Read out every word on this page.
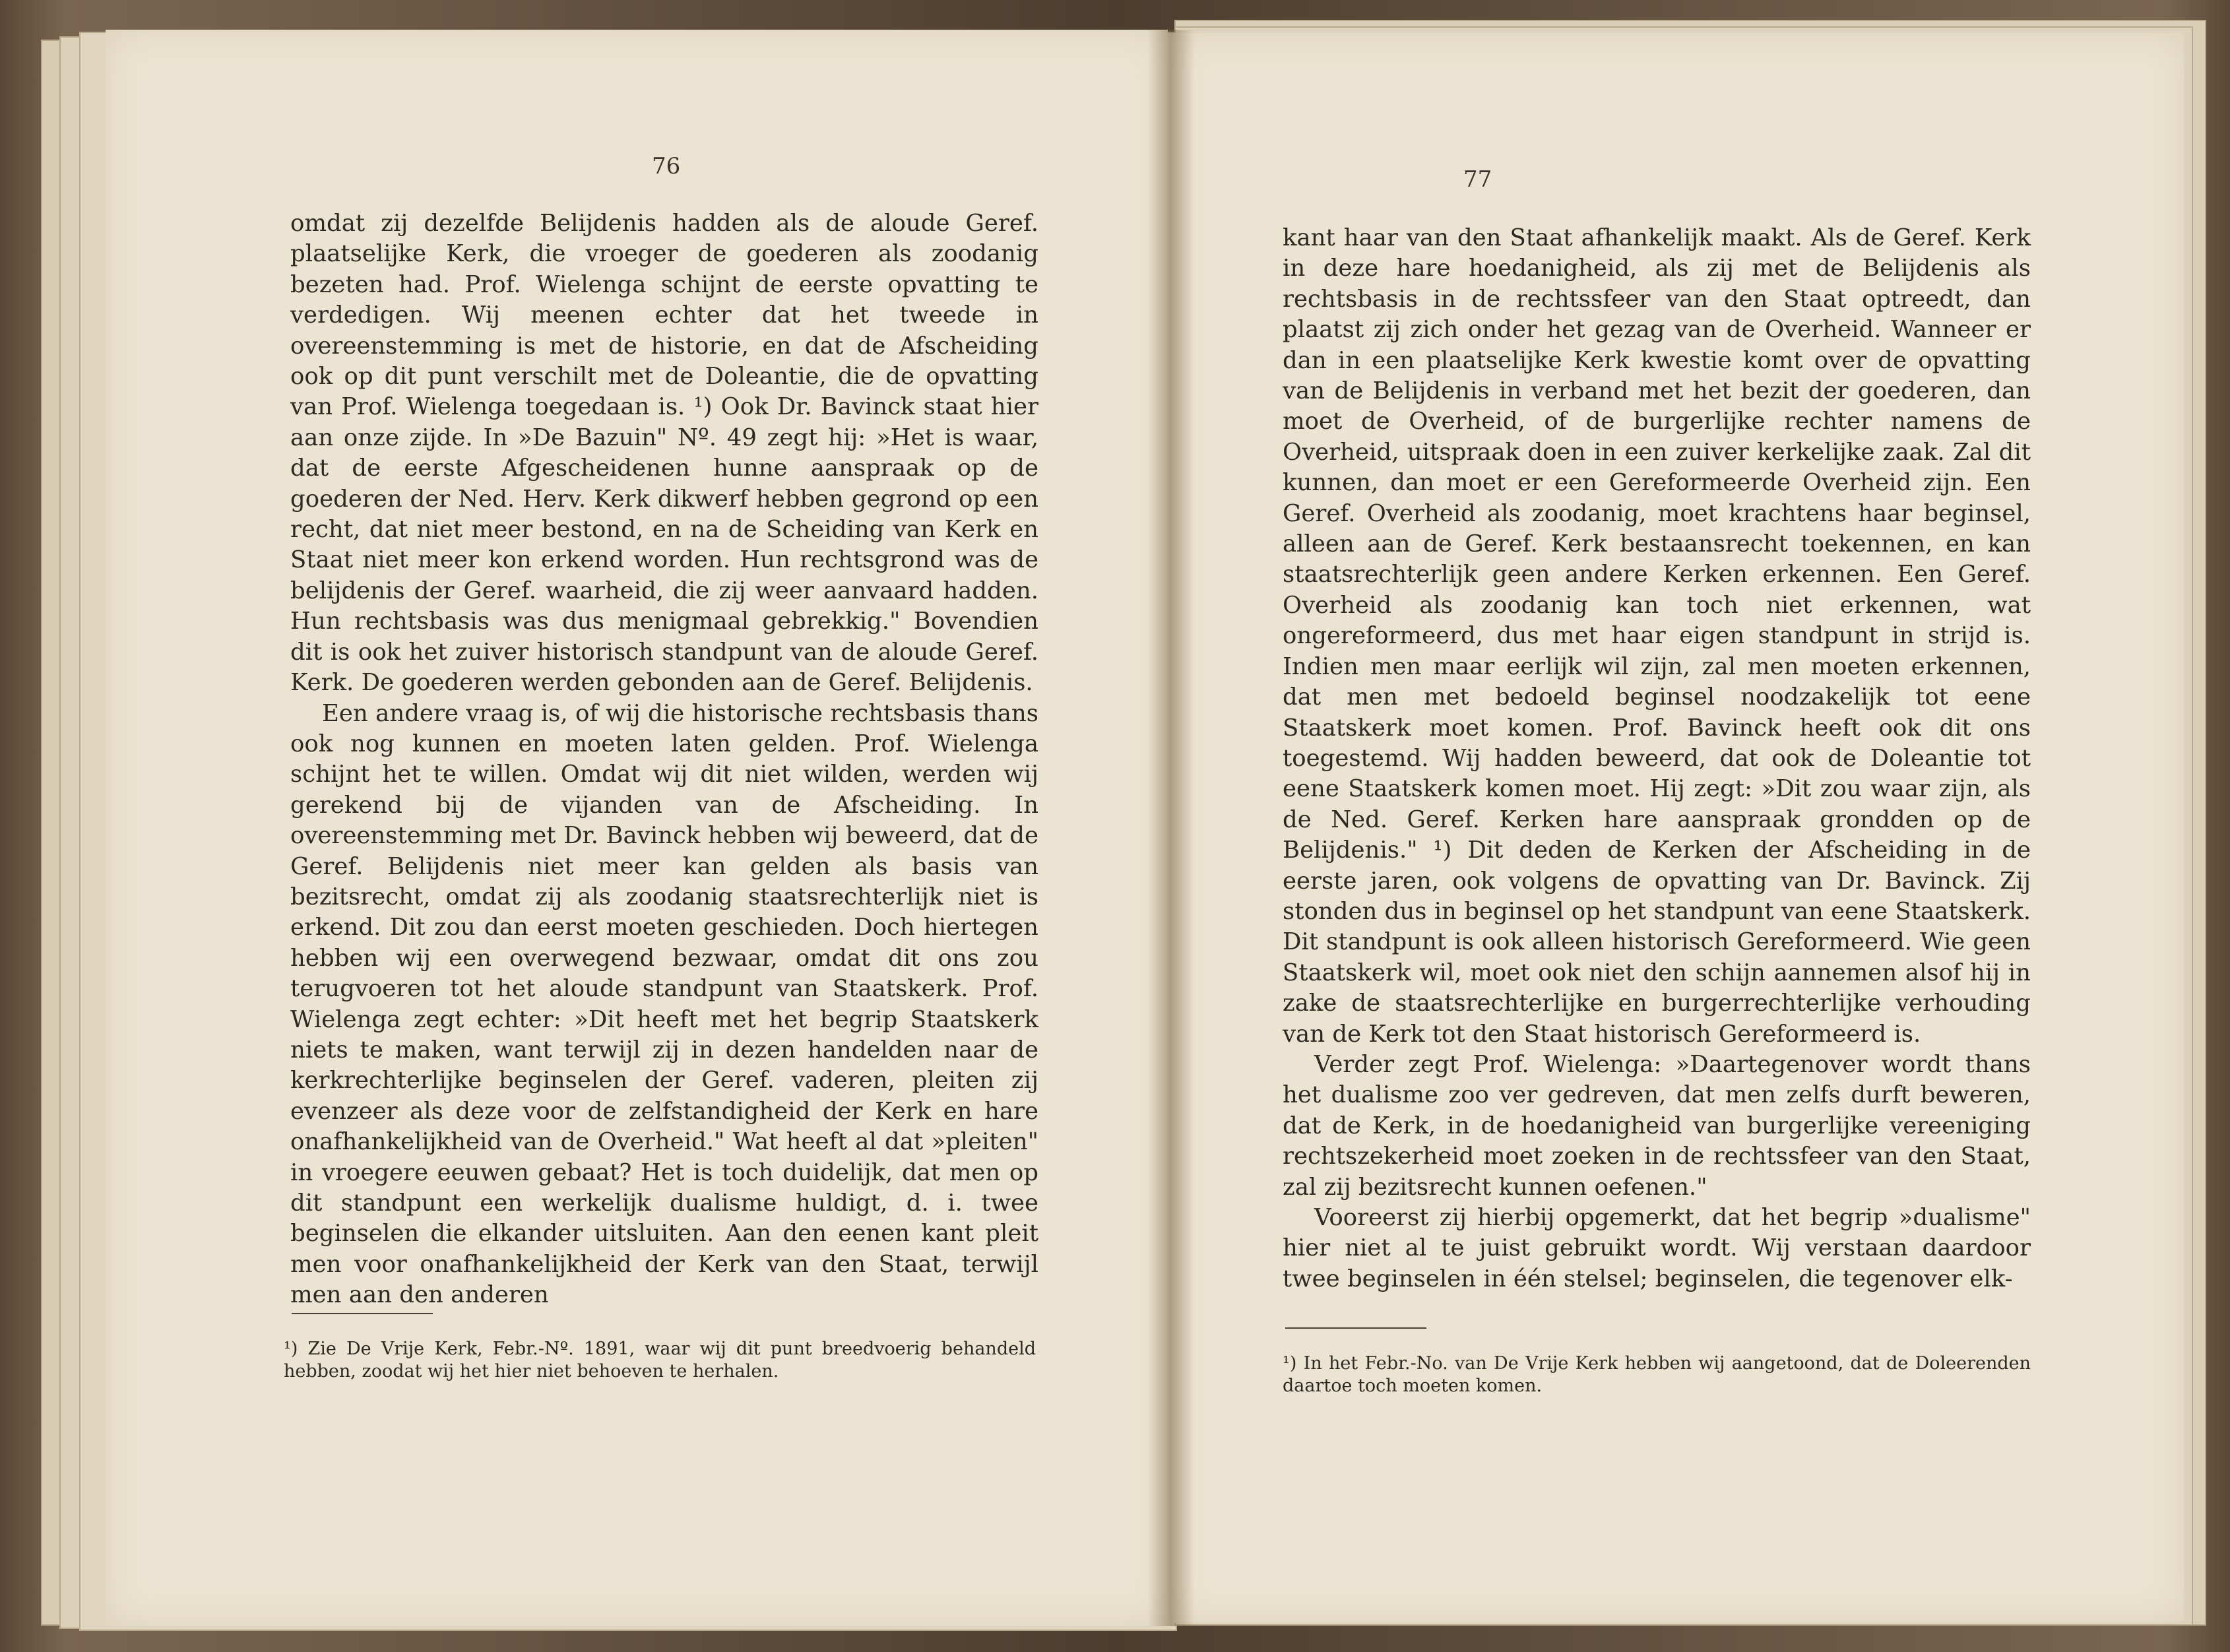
76

omdat zij dezelfde Belijdenis hadden als de aloude Geref. plaatselijke Kerk, die vroeger de goederen als zoodanig bezeten had. Prof. Wielenga schijnt de eerste opvatting te verdedigen. Wij meenen echter dat het tweede in overeenstemming is met de historie, en dat de Afscheiding ook op dit punt verschilt met de Doleantie, die de opvatting van Prof. Wielenga toegedaan is. ¹) Ook Dr. Bavinck staat hier aan onze zijde. In »De Bazuin" Nº. 49 zegt hij: »Het is waar, dat de eerste Afgescheidenen hunne aanspraak op de goederen der Ned. Herv. Kerk dikwerf hebben gegrond op een recht, dat niet meer bestond, en na de Scheiding van Kerk en Staat niet meer kon erkend worden. Hun rechtsgrond was de belijdenis der Geref. waarheid, die zij weer aanvaard hadden. Hun rechtsbasis was dus menigmaal gebrekkig." Bovendien dit is ook het zuiver historisch standpunt van de aloude Geref. Kerk. De goederen werden gebonden aan de Geref. Belijdenis.

Een andere vraag is, of wij die historische rechtsbasis thans ook nog kunnen en moeten laten gelden. Prof. Wielenga schijnt het te willen. Omdat wij dit niet wilden, werden wij gerekend bij de vijanden van de Afscheiding. In overeenstemming met Dr. Bavinck hebben wij beweerd, dat de Geref. Belijdenis niet meer kan gelden als basis van bezitsrecht, omdat zij als zoodanig staatsrechterlijk niet is erkend. Dit zou dan eerst moeten geschieden. Doch hiertegen hebben wij een overwegend bezwaar, omdat dit ons zou terugvoeren tot het aloude standpunt van Staatskerk. Prof. Wielenga zegt echter: »Dit heeft met het begrip Staatskerk niets te maken, want terwijl zij in dezen handelden naar de kerkrechterlijke beginselen der Geref. vaderen, pleiten zij evenzeer als deze voor de zelfstandigheid der Kerk en hare onafhankelijkheid van de Overheid." Wat heeft al dat »pleiten" in vroegere eeuwen gebaat? Het is toch duidelijk, dat men op dit standpunt een werkelijk dualisme huldigt, d. i. twee beginselen die elkander uitsluiten. Aan den eenen kant pleit men voor onafhankelijkheid der Kerk van den Staat, terwijl men aan den anderen

¹) Zie De Vrije Kerk, Febr.-Nº. 1891, waar wij dit punt breedvoerig behandeld hebben, zoodat wij het hier niet behoeven te herhalen.

77

kant haar van den Staat afhankelijk maakt. Als de Geref. Kerk in deze hare hoedanigheid, als zij met de Belijdenis als rechtsbasis in de rechtssfeer van den Staat optreedt, dan plaatst zij zich onder het gezag van de Overheid. Wanneer er dan in een plaatselijke Kerk kwestie komt over de opvatting van de Belijdenis in verband met het bezit der goederen, dan moet de Overheid, of de burgerlijke rechter namens de Overheid, uitspraak doen in een zuiver kerkelijke zaak. Zal dit kunnen, dan moet er een Gereformeerde Overheid zijn. Een Geref. Overheid als zoodanig, moet krachtens haar beginsel, alleen aan de Geref. Kerk bestaansrecht toekennen, en kan staatsrechterlijk geen andere Kerken erkennen. Een Geref. Overheid als zoodanig kan toch niet erkennen, wat ongereformeerd, dus met haar eigen standpunt in strijd is. Indien men maar eerlijk wil zijn, zal men moeten erkennen, dat men met bedoeld beginsel noodzakelijk tot eene Staatskerk moet komen. Prof. Bavinck heeft ook dit ons toegestemd. Wij hadden beweerd, dat ook de Doleantie tot eene Staatskerk komen moet. Hij zegt: »Dit zou waar zijn, als de Ned. Geref. Kerken hare aanspraak grondden op de Belijdenis." ¹) Dit deden de Kerken der Afscheiding in de eerste jaren, ook volgens de opvatting van Dr. Bavinck. Zij stonden dus in beginsel op het standpunt van eene Staatskerk. Dit standpunt is ook alleen historisch Gereformeerd. Wie geen Staatskerk wil, moet ook niet den schijn aannemen alsof hij in zake de staatsrechterlijke en burgerrechterlijke verhouding van de Kerk tot den Staat historisch Gereformeerd is.

Verder zegt Prof. Wielenga: »Daartegenover wordt thans het dualisme zoo ver gedreven, dat men zelfs durft beweren, dat de Kerk, in de hoedanigheid van burgerlijke vereeniging rechtszekerheid moet zoeken in de rechtssfeer van den Staat, zal zij bezitsrecht kunnen oefenen."

Vooreerst zij hierbij opgemerkt, dat het begrip »dualisme" hier niet al te juist gebruikt wordt. Wij verstaan daardoor twee beginselen in één stelsel; beginselen, die tegenover elk-

¹) In het Febr.-No. van De Vrije Kerk hebben wij aangetoond, dat de Doleerenden daartoe toch moeten komen.
